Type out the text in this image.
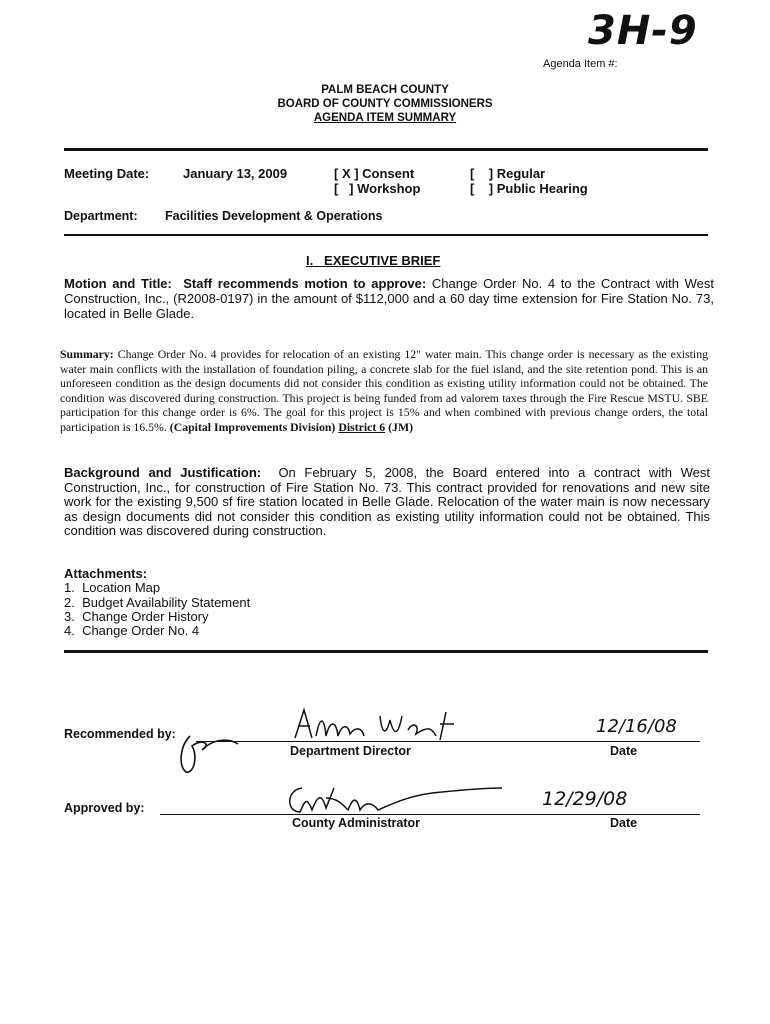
3H-9
Agenda Item #:
PALM BEACH COUNTY
BOARD OF COUNTY COMMISSIONERS
AGENDA ITEM SUMMARY
Meeting Date:	January 13, 2009	[ X ] Consent
[   ] Workshop
[    ] Regular
[    ] Public Hearing
Department: Facilities Development & Operations
I.   EXECUTIVE BRIEF
Motion and Title: Staff recommends motion to approve: Change Order No. 4 to the Contract with West Construction, Inc., (R2008-0197) in the amount of $112,000 and a 60 day time extension for Fire Station No. 73, located in Belle Glade.
Summary: Change Order No. 4 provides for relocation of an existing 12" water main. This change order is necessary as the existing water main conflicts with the installation of foundation piling, a concrete slab for the fuel island, and the site retention pond. This is an unforeseen condition as the design documents did not consider this condition as existing utility information could not be obtained. The condition was discovered during construction. This project is being funded from ad valorem taxes through the Fire Rescue MSTU. SBE participation for this change order is 6%. The goal for this project is 15% and when combined with previous change orders, the total participation is 16.5%. (Capital Improvements Division) District 6 (JM)
Background and Justification: On February 5, 2008, the Board entered into a contract with West Construction, Inc., for construction of Fire Station No. 73. This contract provided for renovations and new site work for the existing 9,500 sf fire station located in Belle Glade. Relocation of the water main is now necessary as design documents did not consider this condition as existing utility information could not be obtained. This condition was discovered during construction.
Attachments:
1.  Location Map
2.  Budget Availability Statement
3.  Change Order History
4.  Change Order No. 4
Recommended by:
Department Director
12/16/08
Date
Approved by:
County Administrator
12/29/08
Date
